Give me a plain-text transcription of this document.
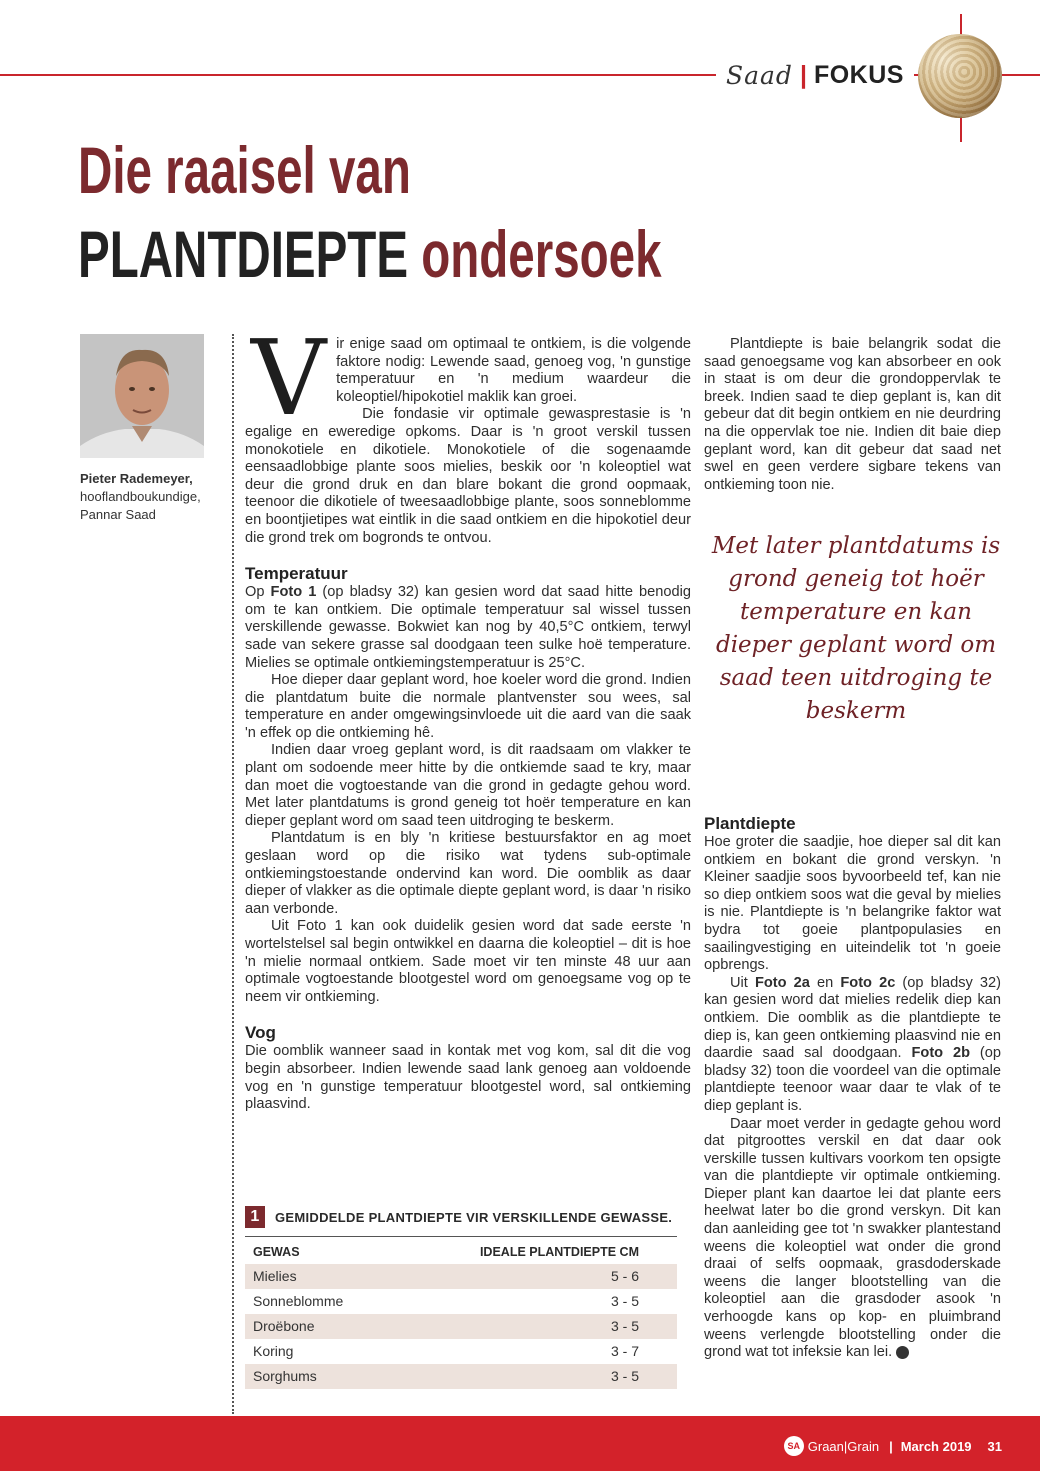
Saad | FOKUS
Die raaisel van
PLANTDIEPTE ondersoek
Pieter Rademeyer,
hooflandboukundige,
Pannar Saad
V ir enige saad om optimaal te ontkiem, is die volgende faktore nodig: Lewende saad, genoeg vog, 'n gunstige temperatuur en 'n medium waardeur die koleoptiel/hipokotiel maklik kan groei.

Die fondasie vir optimale gewasprestasie is 'n egalige en eweredige opkoms. Daar is 'n groot verskil tussen monokotiele en dikotiele. Monokotiele of die sogenaamde eensaadlobbige plante soos mielies, beskik oor 'n koleoptiel wat deur die grond druk en dan blare bokant die grond oopmaak, teenoor die dikotiele of tweesaadlobbige plante, soos sonneblomme en boontjietipes wat eintlik in die saad ontkiem en die hipokotiel deur die grond trek om bogronds te ontvou.

Temperatuur

Op Foto 1 (op bladsy 32) kan gesien word dat saad hitte benodig om te kan ontkiem. Die optimale temperatuur sal wissel tussen verskillende gewasse. Bokwiet kan nog by 40,5°C ontkiem, terwyl sade van sekere grasse sal doodgaan teen sulke hoë temperature. Mielies se optimale ontkiemingstemperatuur is 25°C.

Hoe dieper daar geplant word, hoe koeler word die grond. Indien die plantdatum buite die normale plantvenster sou wees, sal temperature en ander omgewingsinvloede uit die aard van die saak 'n effek op die ontkieming hê.

Indien daar vroeg geplant word, is dit raadsaam om vlakker te plant om sodoende meer hitte by die ontkiemde saad te kry, maar dan moet die vogtoestande van die grond in gedagte gehou word. Met later plantdatums is grond geneig tot hoër temperature en kan dieper geplant word om saad teen uitdroging te beskerm.

Plantdatum is en bly 'n kritiese bestuursfaktor en ag moet geslaan word op die risiko wat tydens sub-optimale ontkiemingstoestande ondervind kan word. Die oomblik as daar dieper of vlakker as die optimale diepte geplant word, is daar 'n risiko aan verbonde.

Uit Foto 1 kan ook duidelik gesien word dat sade eerste 'n wortelstelsel sal begin ontwikkel en daarna die koleoptiel – dit is hoe 'n mielie normaal ontkiem. Sade moet vir ten minste 48 uur aan optimale vogtoestande blootgestel word om genoegsame vog op te neem vir ontkieming.

Vog

Die oomblik wanneer saad in kontak met vog kom, sal dit die vog begin absorbeer. Indien lewende saad lank genoeg aan voldoende vog en 'n gunstige temperatuur blootgestel word, sal ontkieming plaasvind.

1	GEMIDDELDE PLANTDIEPTE VIR VERSKILLENDE GEWASSE.
GEWAS	IDEALE PLANTDIEPTE CM
Mielies	5 - 6
Sonneblomme	3 - 5
Droëbone	3 - 5
Koring	3 - 7
Sorghums	3 - 5

Plantdiepte is baie belangrik sodat die saad genoegsame vog kan absorbeer en ook in staat is om deur die grondoppervlak te breek. Indien saad te diep geplant is, kan dit gebeur dat dit begin ontkiem en nie deurdring na die oppervlak toe nie. Indien dit baie diep geplant word, kan dit gebeur dat saad net swel en geen verdere sigbare tekens van ontkieming toon nie.

Met later plantdatums is grond geneig tot hoër temperature en kan dieper geplant word om saad teen uitdroging te beskerm
Plantdiepte

Hoe groter die saadjie, hoe dieper sal dit kan ontkiem en bokant die grond verskyn. 'n Kleiner saadjie soos byvoorbeeld tef, kan nie so diep ontkiem soos wat die geval by mielies is nie. Plantdiepte is 'n belangrike faktor wat bydra tot goeie plantpopulasies en saailingvestiging en uiteindelik tot 'n goeie opbrengs.

Uit Foto 2a en Foto 2c (op bladsy 32) kan gesien word dat mielies redelik diep kan ontkiem. Die oomblik as die plantdiepte te diep is, kan geen ontkieming plaasvind nie en daardie saad sal doodgaan. Foto 2b (op bladsy 32) toon die voordeel van die optimale plantdiepte teenoor waar daar te vlak of te diep geplant is.

Daar moet verder in gedagte gehou word dat pitgroottes verskil en dat daar ook verskille tussen kultivars voorkom ten opsigte van die plantdiepte vir optimale ontkieming. Dieper plant kan daartoe lei dat plante eers heelwat later bo die grond verskyn. Dit kan dan aanleiding gee tot 'n swakker plantestand weens die koleoptiel wat onder die grond draai of selfs oopmaak, grasdoderskade weens die langer blootstelling van die koleoptiel aan die grasdoder asook 'n verhoogde kans op kop- en pluimbrand weens verlengde blootstelling onder die grond wat tot infeksie kan lei.	➜

SA Graan|Grain | March 2019 31
